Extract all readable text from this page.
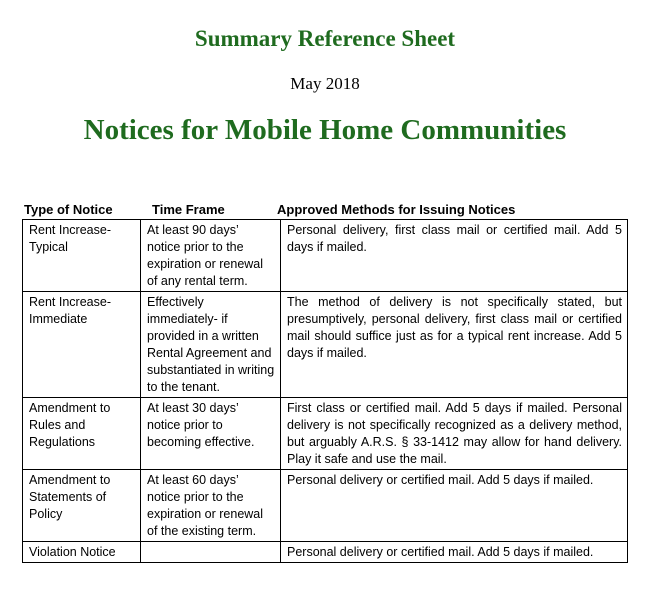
Summary Reference Sheet
May 2018
Notices for Mobile Home Communities
Type of Notice	Time Frame	Approved Methods for Issuing Notices
Rent Increase-Typical	At least 90 days’ notice prior to the expiration or renewal of any rental term.	Personal delivery, first class mail or certified mail. Add 5 days if mailed.
Rent Increase-Immediate	Effectively immediately- if provided in a written Rental Agreement and substantiated in writing to the tenant.	The method of delivery is not specifically stated, but presumptively, personal delivery, first class mail or certified mail should suffice just as for a typical rent increase. Add 5 days if mailed.
Amendment to Rules and Regulations	At least 30 days’ notice prior to becoming effective.	First class or certified mail. Add 5 days if mailed. Personal delivery is not specifically recognized as a delivery method, but arguably A.R.S. § 33-1412 may allow for hand delivery. Play it safe and use the mail.
Amendment to Statements of Policy	At least 60 days’ notice prior to the expiration or renewal of the existing term.	Personal delivery or certified mail. Add 5 days if mailed.
Violation Notice		Personal delivery or certified mail. Add 5 days if mailed.
